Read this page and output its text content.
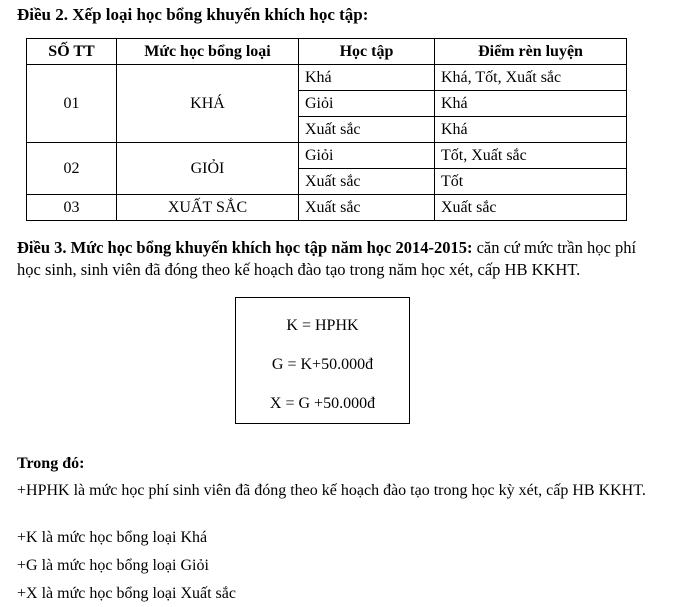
Điều 2. Xếp loại học bổng khuyến khích học tập:
SỐ TT	Mức học bổng loại	Học tập	Điểm rèn luyện
01	KHÁ	Khá	Khá, Tốt, Xuất sắc
		Giỏi	Khá
		Xuất sắc	Khá
02	GIỎI	Giỏi	Tốt, Xuất sắc
		Xuất sắc	Tốt
03	XUẤT SẮC	Xuất sắc	Xuất sắc
Điều 3. Mức học bổng khuyến khích học tập năm học 2014-2015: căn cứ mức trần học phí học sinh, sinh viên đã đóng theo kế hoạch đào tạo trong năm học xét, cấp HB KKHT.
K = HPHK
G = K+50.000đ
X = G +50.000đ
Trong đó:
+HPHK là mức học phí sinh viên đã đóng theo kế hoạch đào tạo trong học kỳ xét, cấp HB KKHT.
+K là mức học bổng loại Khá
+G là mức học bổng loại Giỏi
+X là mức học bổng loại Xuất sắc
